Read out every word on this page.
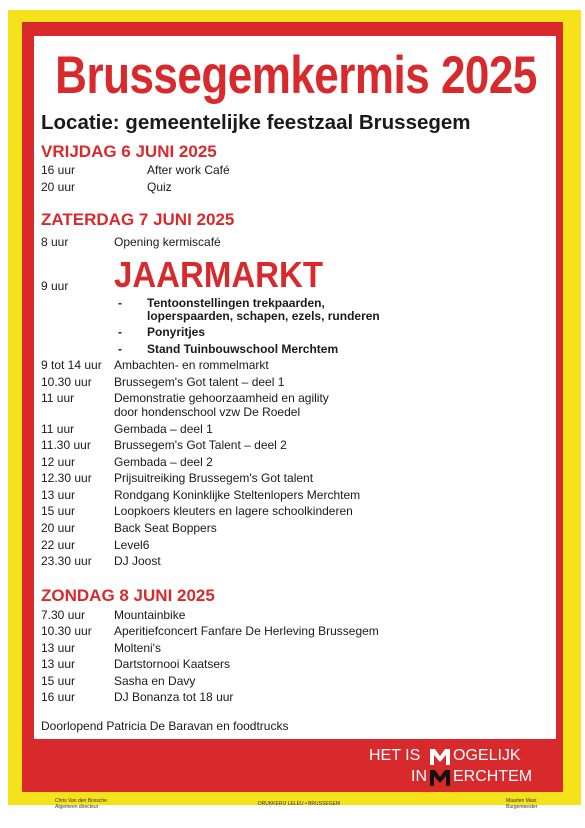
Brussegemkermis 2025
Locatie: gemeentelijke feestzaal Brussegem
VRIJDAG 6 JUNI 2025
16 uur	After work Café
20 uur	Quiz
ZATERDAG 7 JUNI 2025
8 uur	Opening kermiscafé
9 uur JAARMARKT
- Tentoonstellingen trekpaarden,
loperspaarden, schapen, ezels, runderen
- Ponyritjes
- Stand Tuinbouwschool Merchtem
9 tot 14 uur Ambachten- en rommelmarkt
10.30 uur Brussegem's Got talent – deel 1
11 uur	Demonstratie gehoorzaamheid en agility
door hondenschool vzw De Roedel
11 uur	Gembada – deel 1
11.30 uur Brussegem's Got Talent – deel 2
12 uur	Gembada – deel 2
12.30 uur Prijsuitreiking Brussegem's Got talent
13 uur	Rondgang Koninklijke Steltenlopers Merchtem
15 uur	Loopkoers kleuters en lagere schoolkinderen
20 uur	Back Seat Boppers
22 uur	Level6
23.30 uur DJ Joost
ZONDAG 8 JUNI 2025
7.30 uur Mountainbike
10.30 uur Aperitiefconcert Fanfare De Herleving Brussegem
13 uur	Molteni's
13 uur	Dartstornooi Kaatsers
15 uur	Sasha en Davy
16 uur	DJ Bonanza tot 18 uur
Doorlopend Patricia De Baravan en foodtrucks
HET IS OGELIJK
IN ERCHTEM
Chris Van den Bossche
Algemeen directeur	DRUKKERIJ LELEU • BRUSSEGEM	Maarten Mast
Burgemeester
